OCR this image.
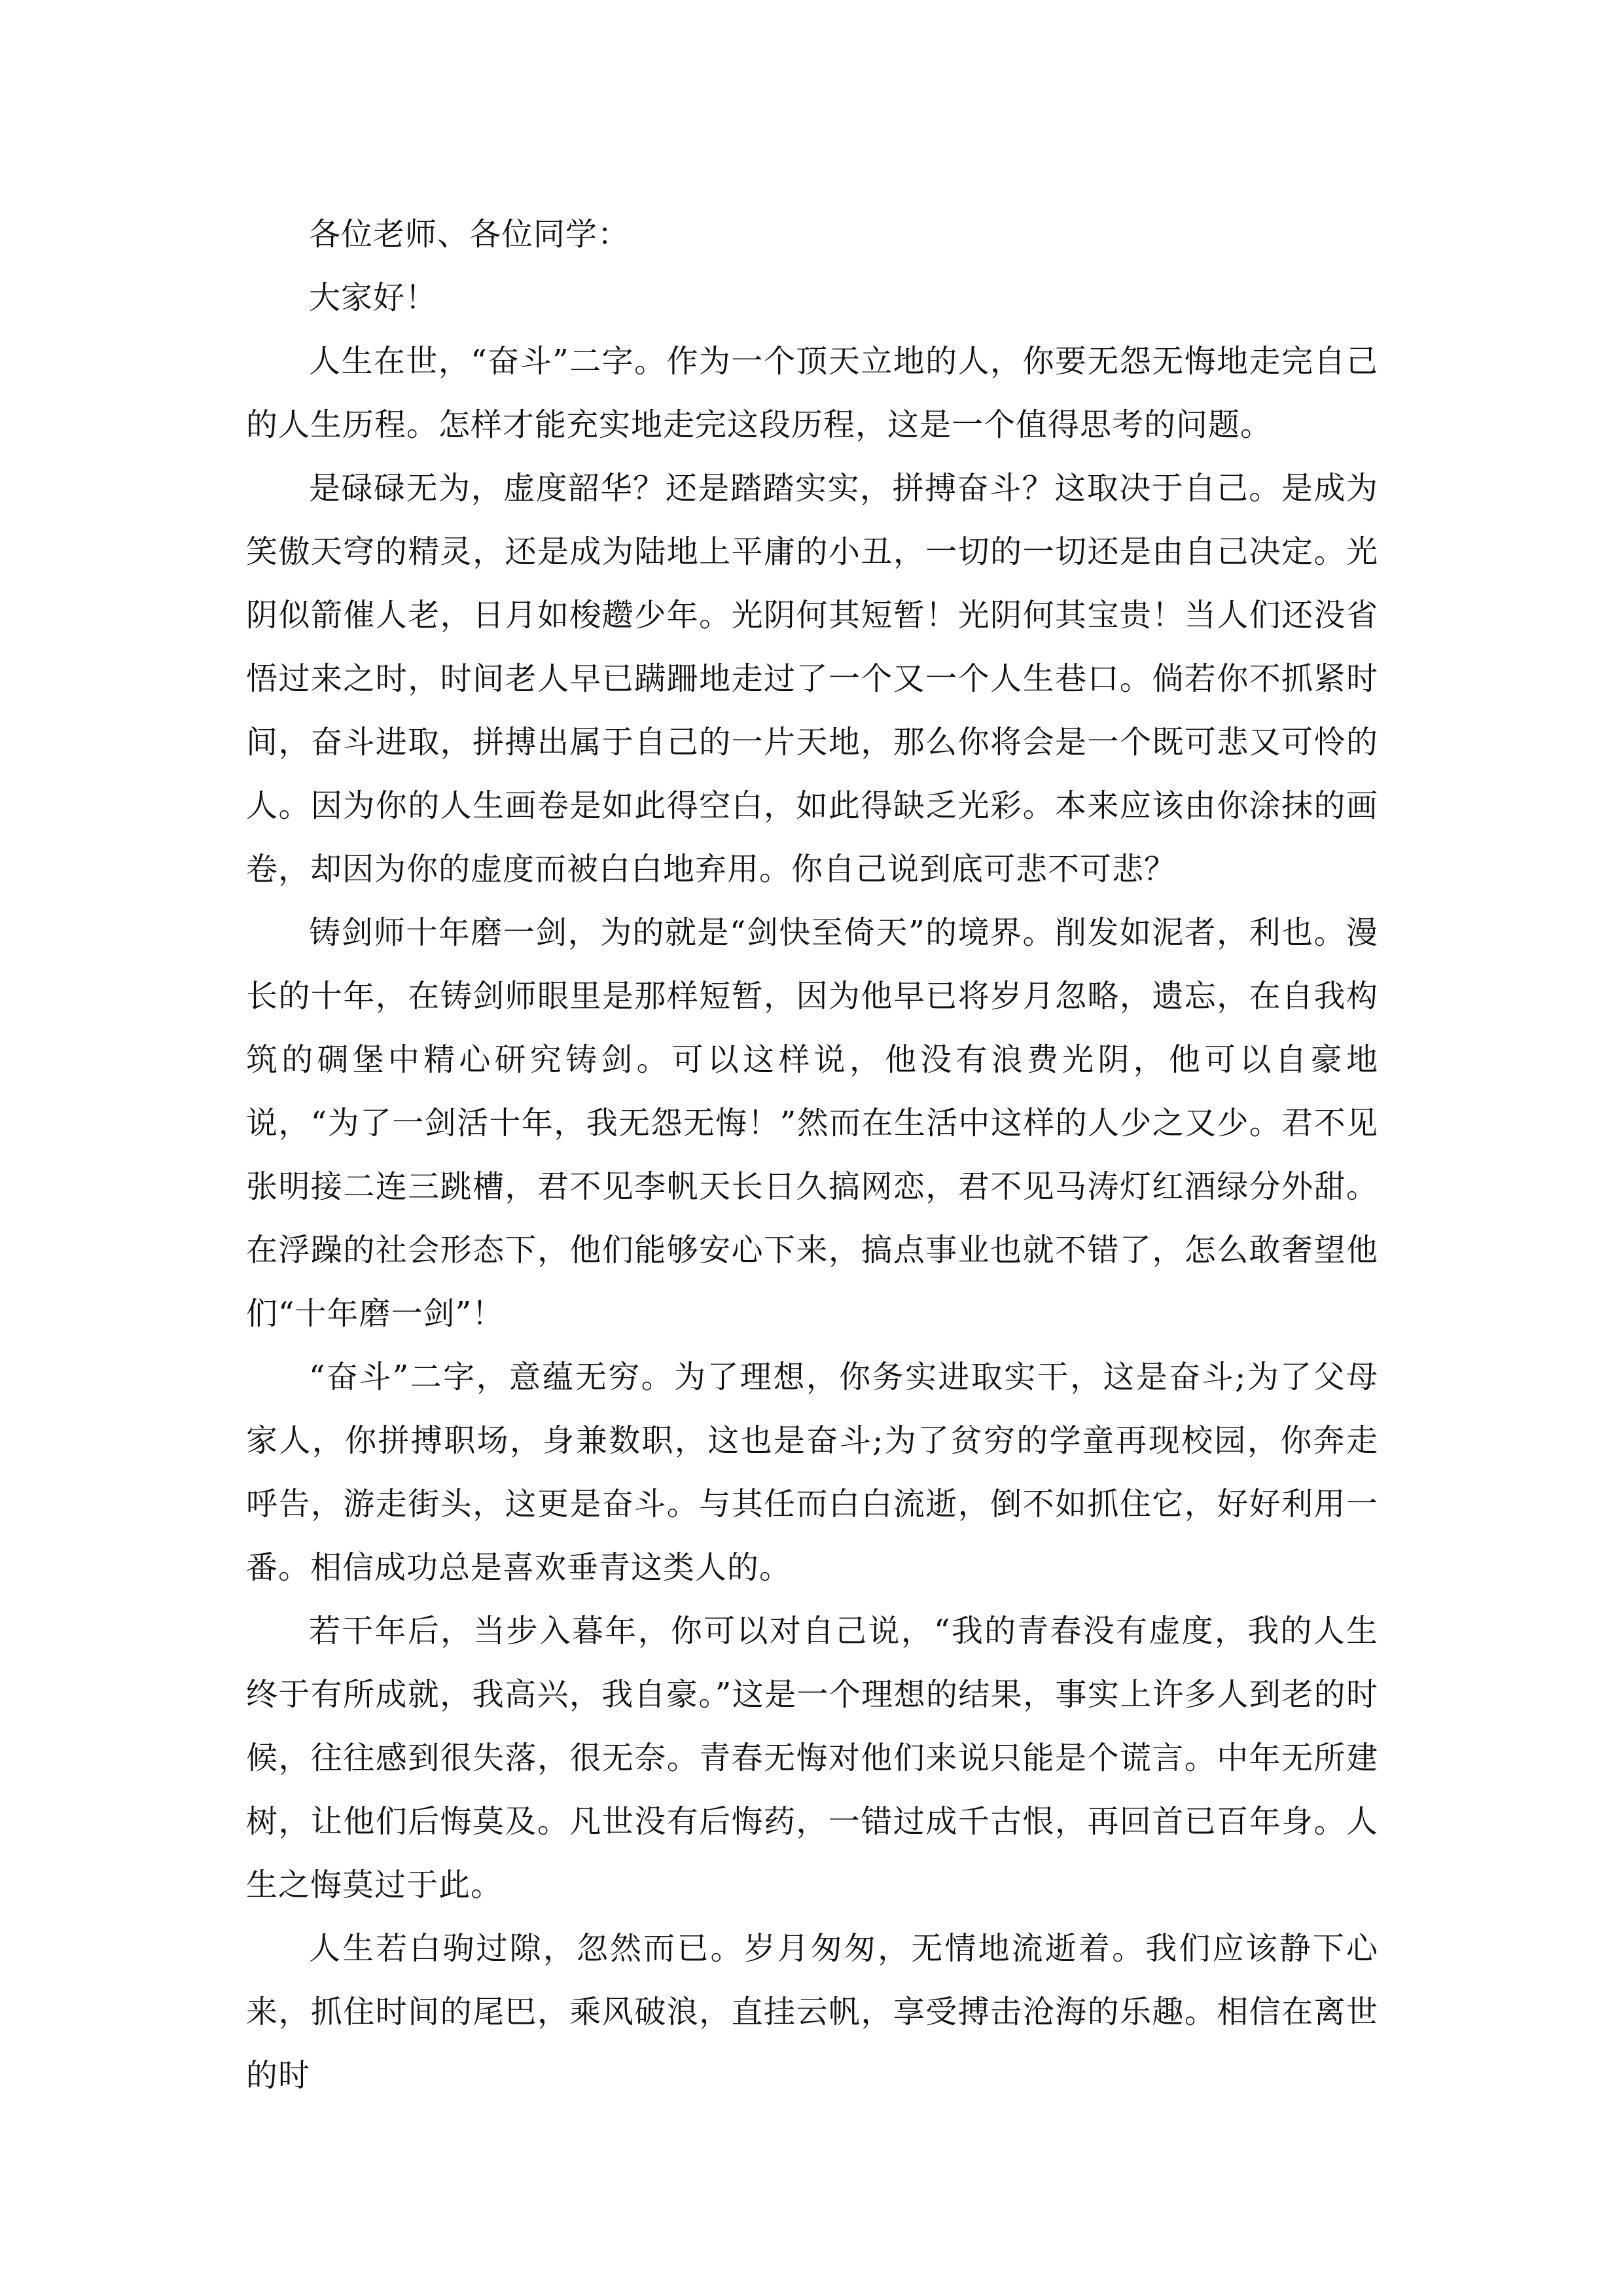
各位老师、各位同学：

大家好！

人生在世，“奋斗”二字。作为一个顶天立地的人，你要无怨无悔地走完自己的人生历程。怎样才能充实地走完这段历程，这是一个值得思考的问题。

是碌碌无为，虚度韶华？还是踏踏实实，拼搏奋斗？这取决于自己。是成为笑傲天穹的精灵，还是成为陆地上平庸的小丑，一切的一切还是由自己决定。光阴似箭催人老，日月如梭趱少年。光阴何其短暂！光阴何其宝贵！当人们还没省悟过来之时，时间老人早已蹒跚地走过了一个又一个人生巷口。倘若你不抓紧时间，奋斗进取，拼搏出属于自己的一片天地，那么你将会是一个既可悲又可怜的人。因为你的人生画卷是如此得空白，如此得缺乏光彩。本来应该由你涂抹的画卷，却因为你的虚度而被白白地弃用。你自己说到底可悲不可悲？

铸剑师十年磨一剑，为的就是“剑快至倚天”的境界。削发如泥者，利也。漫长的十年，在铸剑师眼里是那样短暂，因为他早已将岁月忽略，遗忘，在自我构筑的碉堡中精心研究铸剑。可以这样说，他没有浪费光阴，他可以自豪地说，“为了一剑活十年，我无怨无悔！”然而在生活中这样的人少之又少。君不见张明接二连三跳槽，君不见李帆天长日久搞网恋，君不见马涛灯红酒绿分外甜。在浮躁的社会形态下，他们能够安心下来，搞点事业也就不错了，怎么敢奢望他们“十年磨一剑”！

“奋斗”二字，意蕴无穷。为了理想，你务实进取实干，这是奋斗;为了父母家人，你拼搏职场，身兼数职，这也是奋斗;为了贫穷的学童再现校园，你奔走呼告，游走街头，这更是奋斗。与其任而白白流逝，倒不如抓住它，好好利用一番。相信成功总是喜欢垂青这类人的。

若干年后，当步入暮年，你可以对自己说，“我的青春没有虚度，我的人生终于有所成就，我高兴，我自豪。”这是一个理想的结果，事实上许多人到老的时候，往往感到很失落，很无奈。青春无悔对他们来说只能是个谎言。中年无所建树，让他们后悔莫及。凡世没有后悔药，一错过成千古恨，再回首已百年身。人生之悔莫过于此。

人生若白驹过隙，忽然而已。岁月匆匆，无情地流逝着。我们应该静下心来，抓住时间的尾巴，乘风破浪，直挂云帆，享受搏击沧海的乐趣。相信在离世的时
